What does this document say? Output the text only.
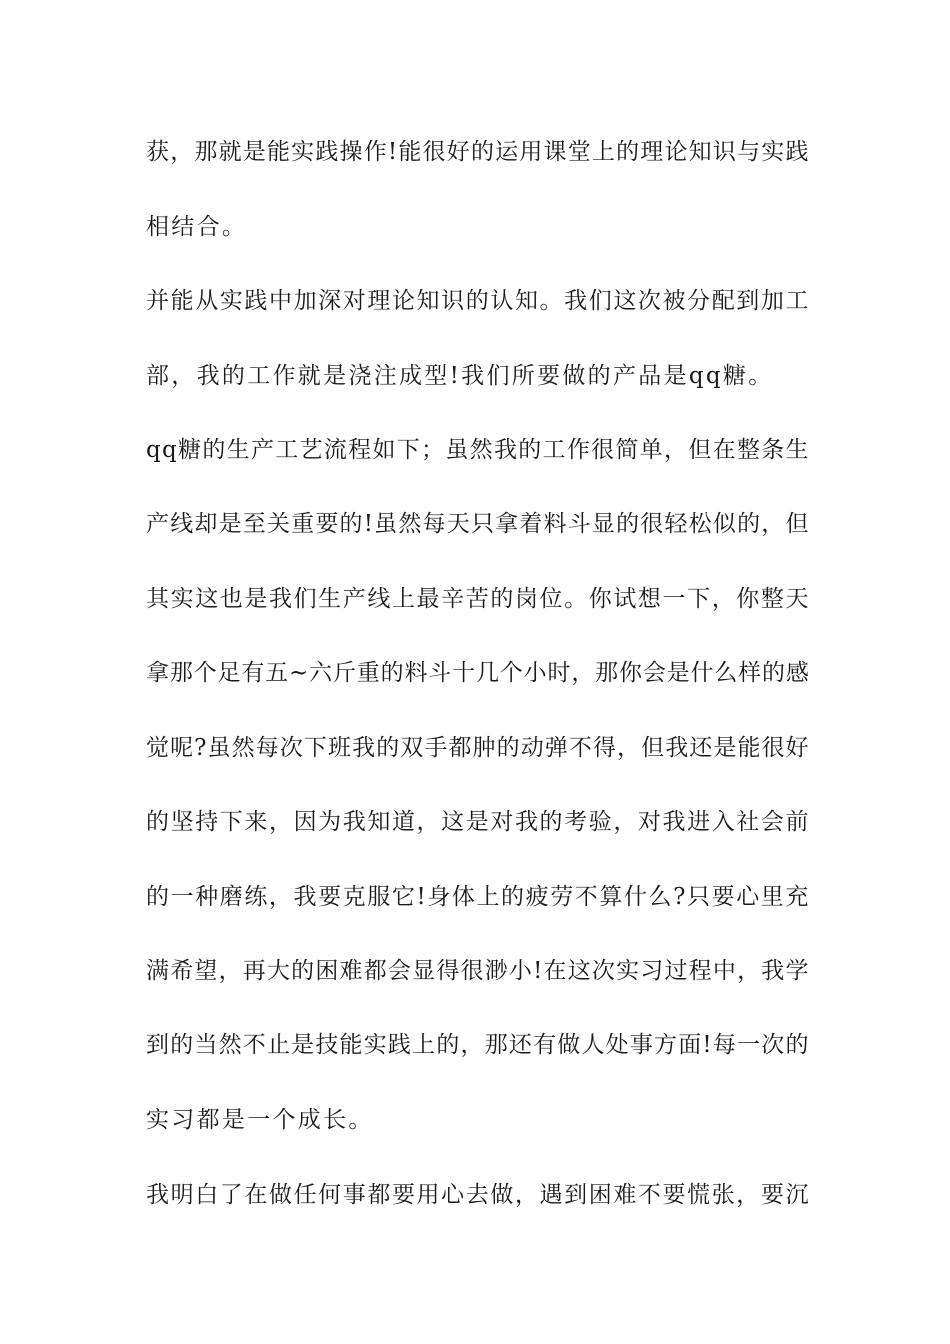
获，那就是能实践操作!能很好的运用课堂上的理论知识与实践
相结合。
并能从实践中加深对理论知识的认知。我们这次被分配到加工
部，我的工作就是浇注成型!我们所要做的产品是qq糖。
qq糖的生产工艺流程如下；虽然我的工作很简单，但在整条生
产线却是至关重要的!虽然每天只拿着料斗显的很轻松似的，但
其实这也是我们生产线上最辛苦的岗位。你试想一下，你整天
拿那个足有五~六斤重的料斗十几个小时，那你会是什么样的感
觉呢?虽然每次下班我的双手都肿的动弹不得，但我还是能很好
的坚持下来，因为我知道，这是对我的考验，对我进入社会前
的一种磨练，我要克服它!身体上的疲劳不算什么?只要心里充
满希望，再大的困难都会显得很渺小!在这次实习过程中，我学
到的当然不止是技能实践上的，那还有做人处事方面!每一次的
实习都是一个成长。
我明白了在做任何事都要用心去做，遇到困难不要慌张，要沉
